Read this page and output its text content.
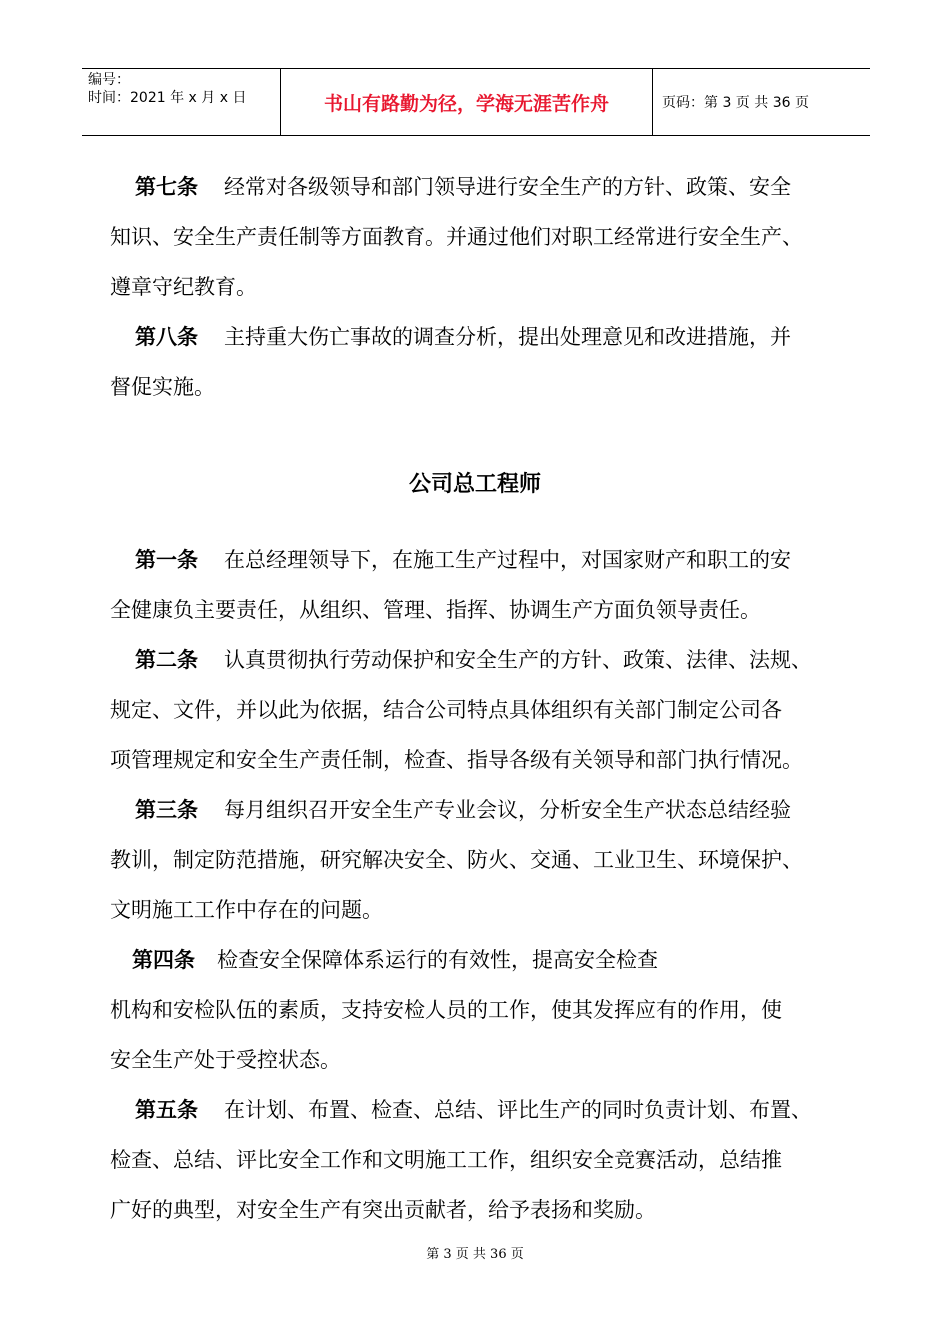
编号：
时间：2021 年 x 月 x 日	书山有路勤为径，学海无涯苦作舟	页码：第 3 页 共 36 页

第七条 经常对各级领导和部门领导进行安全生产的方针、政策、安全

知识、安全生产责任制等方面教育。并通过他们对职工经常进行安全生产、

遵章守纪教育。

第八条 主持重大伤亡事故的调查分析，提出处理意见和改进措施，并

督促实施。

公司总工程师

第一条 在总经理领导下，在施工生产过程中，对国家财产和职工的安

全健康负主要责任，从组织、管理、指挥、协调生产方面负领导责任。

第二条 认真贯彻执行劳动保护和安全生产的方针、政策、法律、法规、

规定、文件，并以此为依据，结合公司特点具体组织有关部门制定公司各

项管理规定和安全生产责任制，检查、指导各级有关领导和部门执行情况。

第三条 每月组织召开安全生产专业会议，分析安全生产状态总结经验

教训，制定防范措施，研究解决安全、防火、交通、工业卫生、环境保护、

文明施工工作中存在的问题。

第四条 检查安全保障体系运行的有效性，提高安全检查

机构和安检队伍的素质，支持安检人员的工作，使其发挥应有的作用，使

安全生产处于受控状态。

第五条 在计划、布置、检查、总结、评比生产的同时负责计划、布置、

检查、总结、评比安全工作和文明施工工作，组织安全竞赛活动，总结推

广好的典型，对安全生产有突出贡献者，给予表扬和奖励。

第 3 页 共 36 页
